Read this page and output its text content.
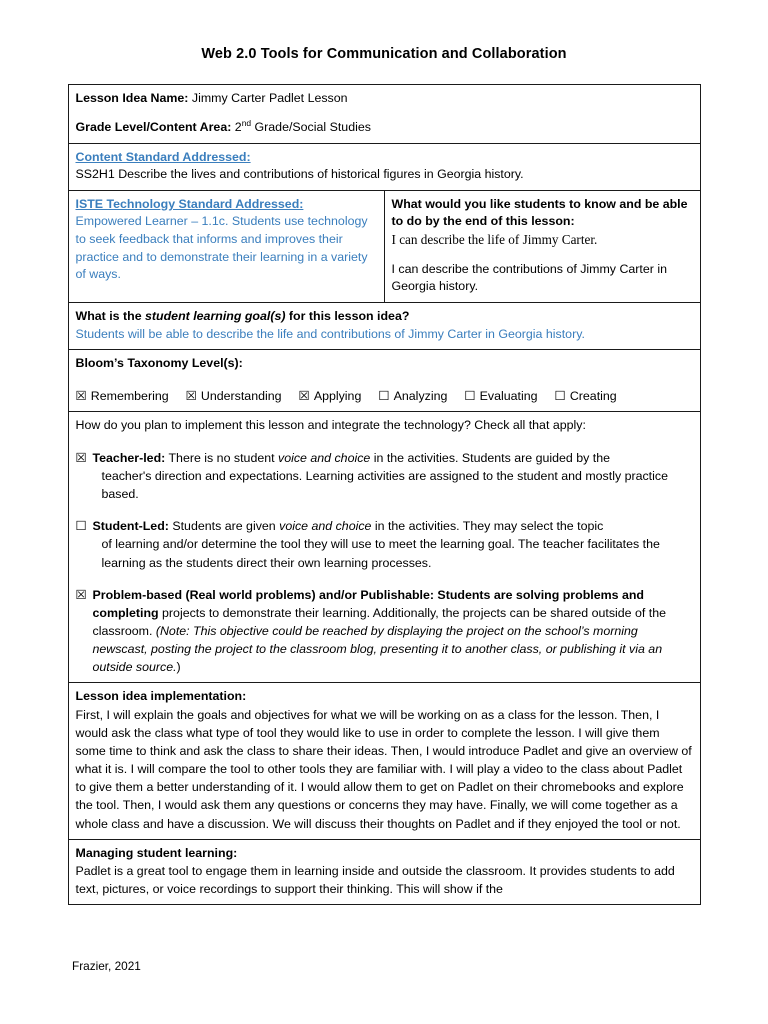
Web 2.0 Tools for Communication and Collaboration

Lesson Idea Name: Jimmy Carter Padlet Lesson

Grade Level/Content Area: 2nd Grade/Social Studies

Content Standard Addressed:

SS2H1 Describe the lives and contributions of historical figures in Georgia history.

ISTE Technology Standard Addressed:

Empowered Learner – 1.1c. Students use technology to seek feedback that informs and improves their practice and to demonstrate their learning in a variety of ways.

What would you like students to know and be able to do by the end of this lesson:

I can describe the life of Jimmy Carter.

I can describe the contributions of Jimmy Carter in Georgia history.

What is the student learning goal(s) for this lesson idea?

Students will be able to describe the life and contributions of Jimmy Carter in Georgia history.

Bloom’s Taxonomy Level(s):

☒ Remembering ☒ Understanding ☒ Applying ☐ Analyzing ☐ Evaluating ☐ Creating

How do you plan to implement this lesson and integrate the technology? Check all that apply:

☒ Teacher-led: There is no student voice and choice in the activities. Students are guided by the

teacher's direction and expectations. Learning activities are assigned to the student and mostly practice based.

☐ Student-Led: Students are given voice and choice in the activities. They may select the topic

of learning and/or determine the tool they will use to meet the learning goal. The teacher facilitates the learning as the students direct their own learning processes.

☒ Problem-based (Real world problems) and/or Publishable: Students are solving problems and completing projects to demonstrate their learning. Additionally, the projects can be shared outside of the classroom. (Note: This objective could be reached by displaying the project on the school’s morning newscast, posting the project to the classroom blog, presenting it to another class, or publishing it via an outside source.)

Lesson idea implementation:

First, I will explain the goals and objectives for what we will be working on as a class for the lesson. Then, I would ask the class what type of tool they would like to use in order to complete the lesson. I will give them some time to think and ask the class to share their ideas. Then, I would introduce Padlet and give an overview of what it is. I will compare the tool to other tools they are familiar with. I will play a video to the class about Padlet to give them a better understanding of it. I would allow them to get on Padlet on their chromebooks and explore the tool. Then, I would ask them any questions or concerns they may have. Finally, we will come together as a whole class and have a discussion. We will discuss their thoughts on Padlet and if they enjoyed the tool or not.

Managing student learning:

Padlet is a great tool to engage them in learning inside and outside the classroom. It provides students to add text, pictures, or voice recordings to support their thinking. This will show if the

Frazier, 2021
